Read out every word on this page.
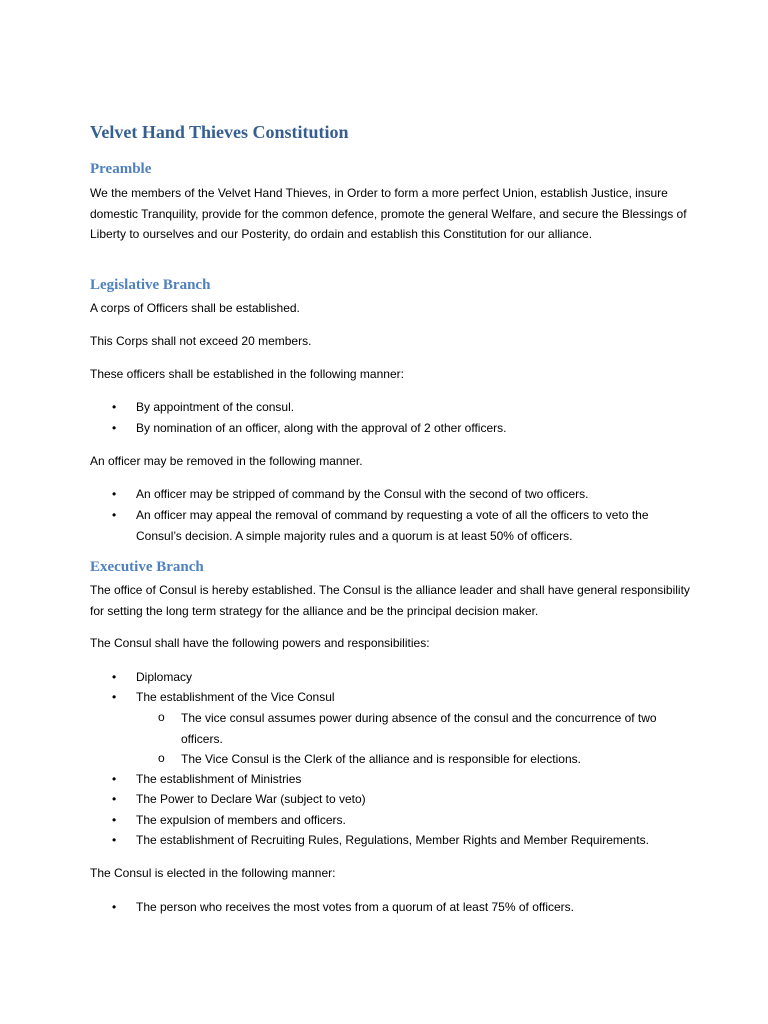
Velvet Hand Thieves Constitution
Preamble
We the members of the Velvet Hand Thieves, in Order to form a more perfect Union, establish Justice, insure domestic Tranquility, provide for the common defence, promote the general Welfare, and secure the Blessings of Liberty to ourselves and our Posterity, do ordain and establish this Constitution for our alliance.
Legislative Branch
A corps of Officers shall be established.
This Corps shall not exceed 20 members.
These officers shall be established in the following manner:
• By appointment of the consul.
• By nomination of an officer, along with the approval of 2 other officers.
An officer may be removed in the following manner.
• An officer may be stripped of command by the Consul with the second of two officers.
• An officer may appeal the removal of command by requesting a vote of all the officers to veto the Consul’s decision. A simple majority rules and a quorum is at least 50% of officers.
Executive Branch
The office of Consul is hereby established. The Consul is the alliance leader and shall have general responsibility for setting the long term strategy for the alliance and be the principal decision maker.
The Consul shall have the following powers and responsibilities:
• Diplomacy
• The establishment of the Vice Consul
o The vice consul assumes power during absence of the consul and the concurrence of two officers.
o The Vice Consul is the Clerk of the alliance and is responsible for elections.
• The establishment of Ministries
• The Power to Declare War (subject to veto)
• The expulsion of members and officers.
• The establishment of Recruiting Rules, Regulations, Member Rights and Member Requirements.
The Consul is elected in the following manner:
• The person who receives the most votes from a quorum of at least 75% of officers.
